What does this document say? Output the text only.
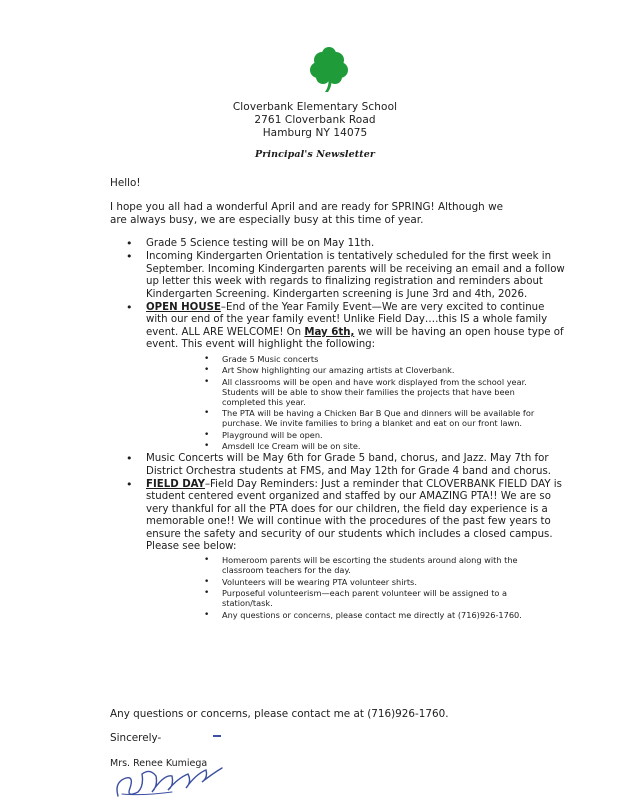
Cloverbank Elementary School
2761 Cloverbank Road
Hamburg NY 14075
Principal's Newsletter
Hello!
I hope you all had a wonderful April and are ready for SPRING! Although we are always busy, we are especially busy at this time of year.
• Grade 5 Science testing will be on May 11th.
• Incoming Kindergarten Orientation is tentatively scheduled for the first week in September. Incoming Kindergarten parents will be receiving an email and a follow up letter this week with regards to finalizing registration and reminders about Kindergarten Screening. Kindergarten screening is June 3rd and 4th, 2026.
• OPEN HOUSE–End of the Year Family Event—We are very excited to continue with our end of the year family event! Unlike Field Day….this IS a whole family event. ALL ARE WELCOME! On May 6th, we will be having an open house type of event. This event will highlight the following:
• Grade 5 Music concerts
• Art Show highlighting our amazing artists at Cloverbank.
• All classrooms will be open and have work displayed from the school year. Students will be able to show their families the projects that have been completed this year.
• The PTA will be having a Chicken Bar B Que and dinners will be available for purchase. We invite families to bring a blanket and eat on our front lawn.
• Playground will be open.
• Amsdell Ice Cream will be on site.
• Music Concerts will be May 6th for Grade 5 band, chorus, and Jazz. May 7th for District Orchestra students at FMS, and May 12th for Grade 4 band and chorus.
• FIELD DAY–Field Day Reminders: Just a reminder that CLOVERBANK FIELD DAY is student centered event organized and staffed by our AMAZING PTA!! We are so very thankful for all the PTA does for our children, the field day experience is a memorable one!! We will continue with the procedures of the past few years to ensure the safety and security of our students which includes a closed campus. Please see below:
• Homeroom parents will be escorting the students around along with the classroom teachers for the day.
• Volunteers will be wearing PTA volunteer shirts.
• Purposeful volunteerism—each parent volunteer will be assigned to a station/task.
• Any questions or concerns, please contact me directly at (716)926-1760.
Any questions or concerns, please contact me at (716)926-1760.
Sincerely-
Mrs. Renee Kumiega
